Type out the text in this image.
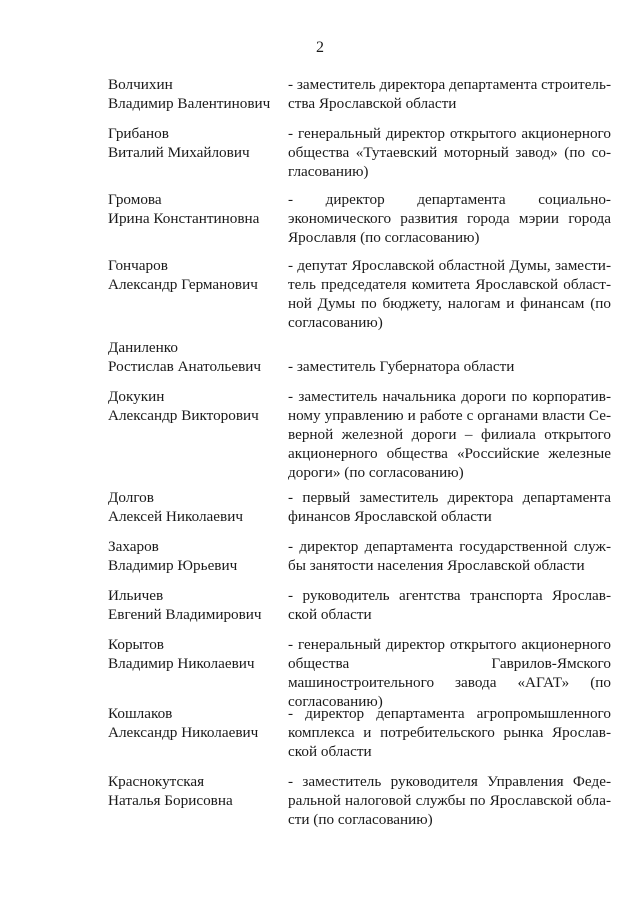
2
Волчихин
Владимир Валентинович
- заместитель директора департамента строительства Ярославской области
Грибанов
Виталий Михайлович
- генеральный директор открытого акционерного общества «Тутаевский моторный завод» (по согласованию)
Громова
Ирина Константиновна
- директор департамента социально-экономического развития города мэрии города Ярославля (по согласованию)
Гончаров
Александр Германович
- депутат Ярославской областной Думы, заместитель председателя комитета Ярославской областной Думы по бюджету, налогам и финансам (по согласованию)
Даниленко
Ростислав Анатольевич	- заместитель Губернатора области
Докукин
Александр Викторович
- заместитель начальника дороги по корпоративному управлению и работе с органами власти Северной железной дороги – филиала открытого акционерного общества «Российские железные дороги» (по согласованию)
Долгов
Алексей Николаевич
- первый заместитель директора департамента финансов Ярославской области
Захаров
Владимир Юрьевич
- директор департамента государственной службы занятости населения Ярославской области
Ильичев
Евгений Владимирович
- руководитель агентства транспорта Ярославской области
Корытов
Владимир Николаевич
- генеральный директор открытого акционерного общества Гаврилов-Ямского машиностроительного завода «АГАТ» (по согласованию)
Кошлаков
Александр Николаевич
- директор департамента агропромышленного комплекса и потребительского рынка Ярославской области
Краснокутская
Наталья Борисовна
- заместитель руководителя Управления Федеральной налоговой службы по Ярославской области (по согласованию)
